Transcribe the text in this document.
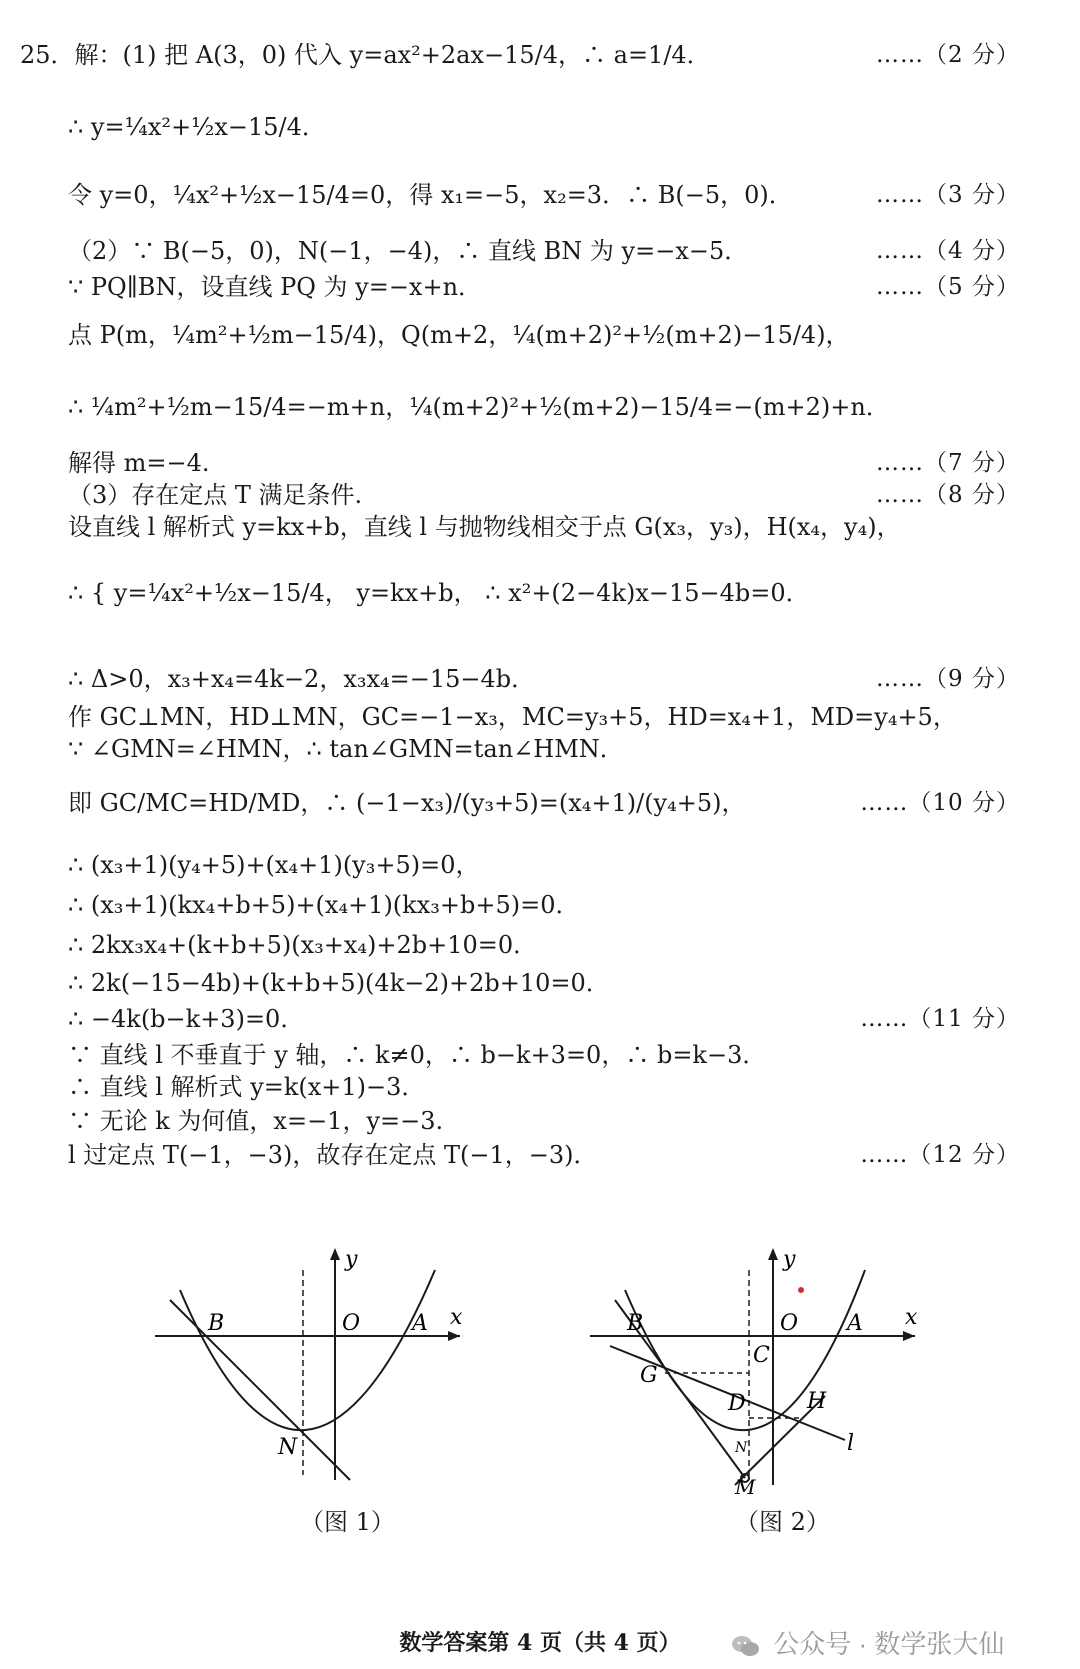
25．解：(1) 把 A(3，0) 代入 y=ax²+2ax−15/4，∴ a=1/4．	……（2 分）
∴ y=¼x²+½x−15/4．
令 y=0，¼x²+½x−15/4=0，得 x₁=−5，x₂=3．∴ B(−5，0)．	……（3 分）
（2）∵ B(−5，0)，N(−1，−4)，∴ 直线 BN 为 y=−x−5．	……（4 分）
∵ PQ∥BN，设直线 PQ 为 y=−x+n．	……（5 分）
点 P(m，¼m²+½m−15/4)，Q(m+2，¼(m+2)²+½(m+2)−15/4)，
∴ ¼m²+½m−15/4=−m+n，¼(m+2)²+½(m+2)−15/4=−(m+2)+n．
解得 m=−4.	……（7 分）
（3）存在定点 T 满足条件.	……（8 分）
设直线 l 解析式 y=kx+b，直线 l 与抛物线相交于点 G(x₃，y₃)，H(x₄，y₄)，
∴ { y=¼x²+½x−15/4， y=kx+b， ∴ x²+(2−4k)x−15−4b=0．
∴ Δ>0，x₃+x₄=4k−2，x₃x₄=−15−4b．	……（9 分）
作 GC⊥MN，HD⊥MN，GC=−1−x₃，MC=y₃+5，HD=x₄+1，MD=y₄+5，
∵ ∠GMN=∠HMN，∴ tan∠GMN=tan∠HMN．
即 GC/MC=HD/MD，∴ (−1−x₃)/(y₃+5)=(x₄+1)/(y₄+5)，	……（10 分）
∴ (x₃+1)(y₄+5)+(x₄+1)(y₃+5)=0，
∴ (x₃+1)(kx₄+b+5)+(x₄+1)(kx₃+b+5)=0．
∴ 2kx₃x₄+(k+b+5)(x₃+x₄)+2b+10=0．
∴ 2k(−15−4b)+(k+b+5)(4k−2)+2b+10=0．
∴ −4k(b−k+3)=0．	……（11 分）
∵ 直线 l 不垂直于 y 轴，∴ k≠0，∴ b−k+3=0，∴ b=k−3．
∴ 直线 l 解析式 y=k(x+1)−3．
∵ 无论 k 为何值，x=−1，y=−3.
l 过定点 T(−1，−3)，故存在定点 T(−1，−3)．	……（12 分）
B	O A x
y
N
（图 1）
B	O A x
y
C
G
D	H
N
M
l
（图 2）
数学答案第 4 页（共 4 页）	公众号 · 数学张大仙
